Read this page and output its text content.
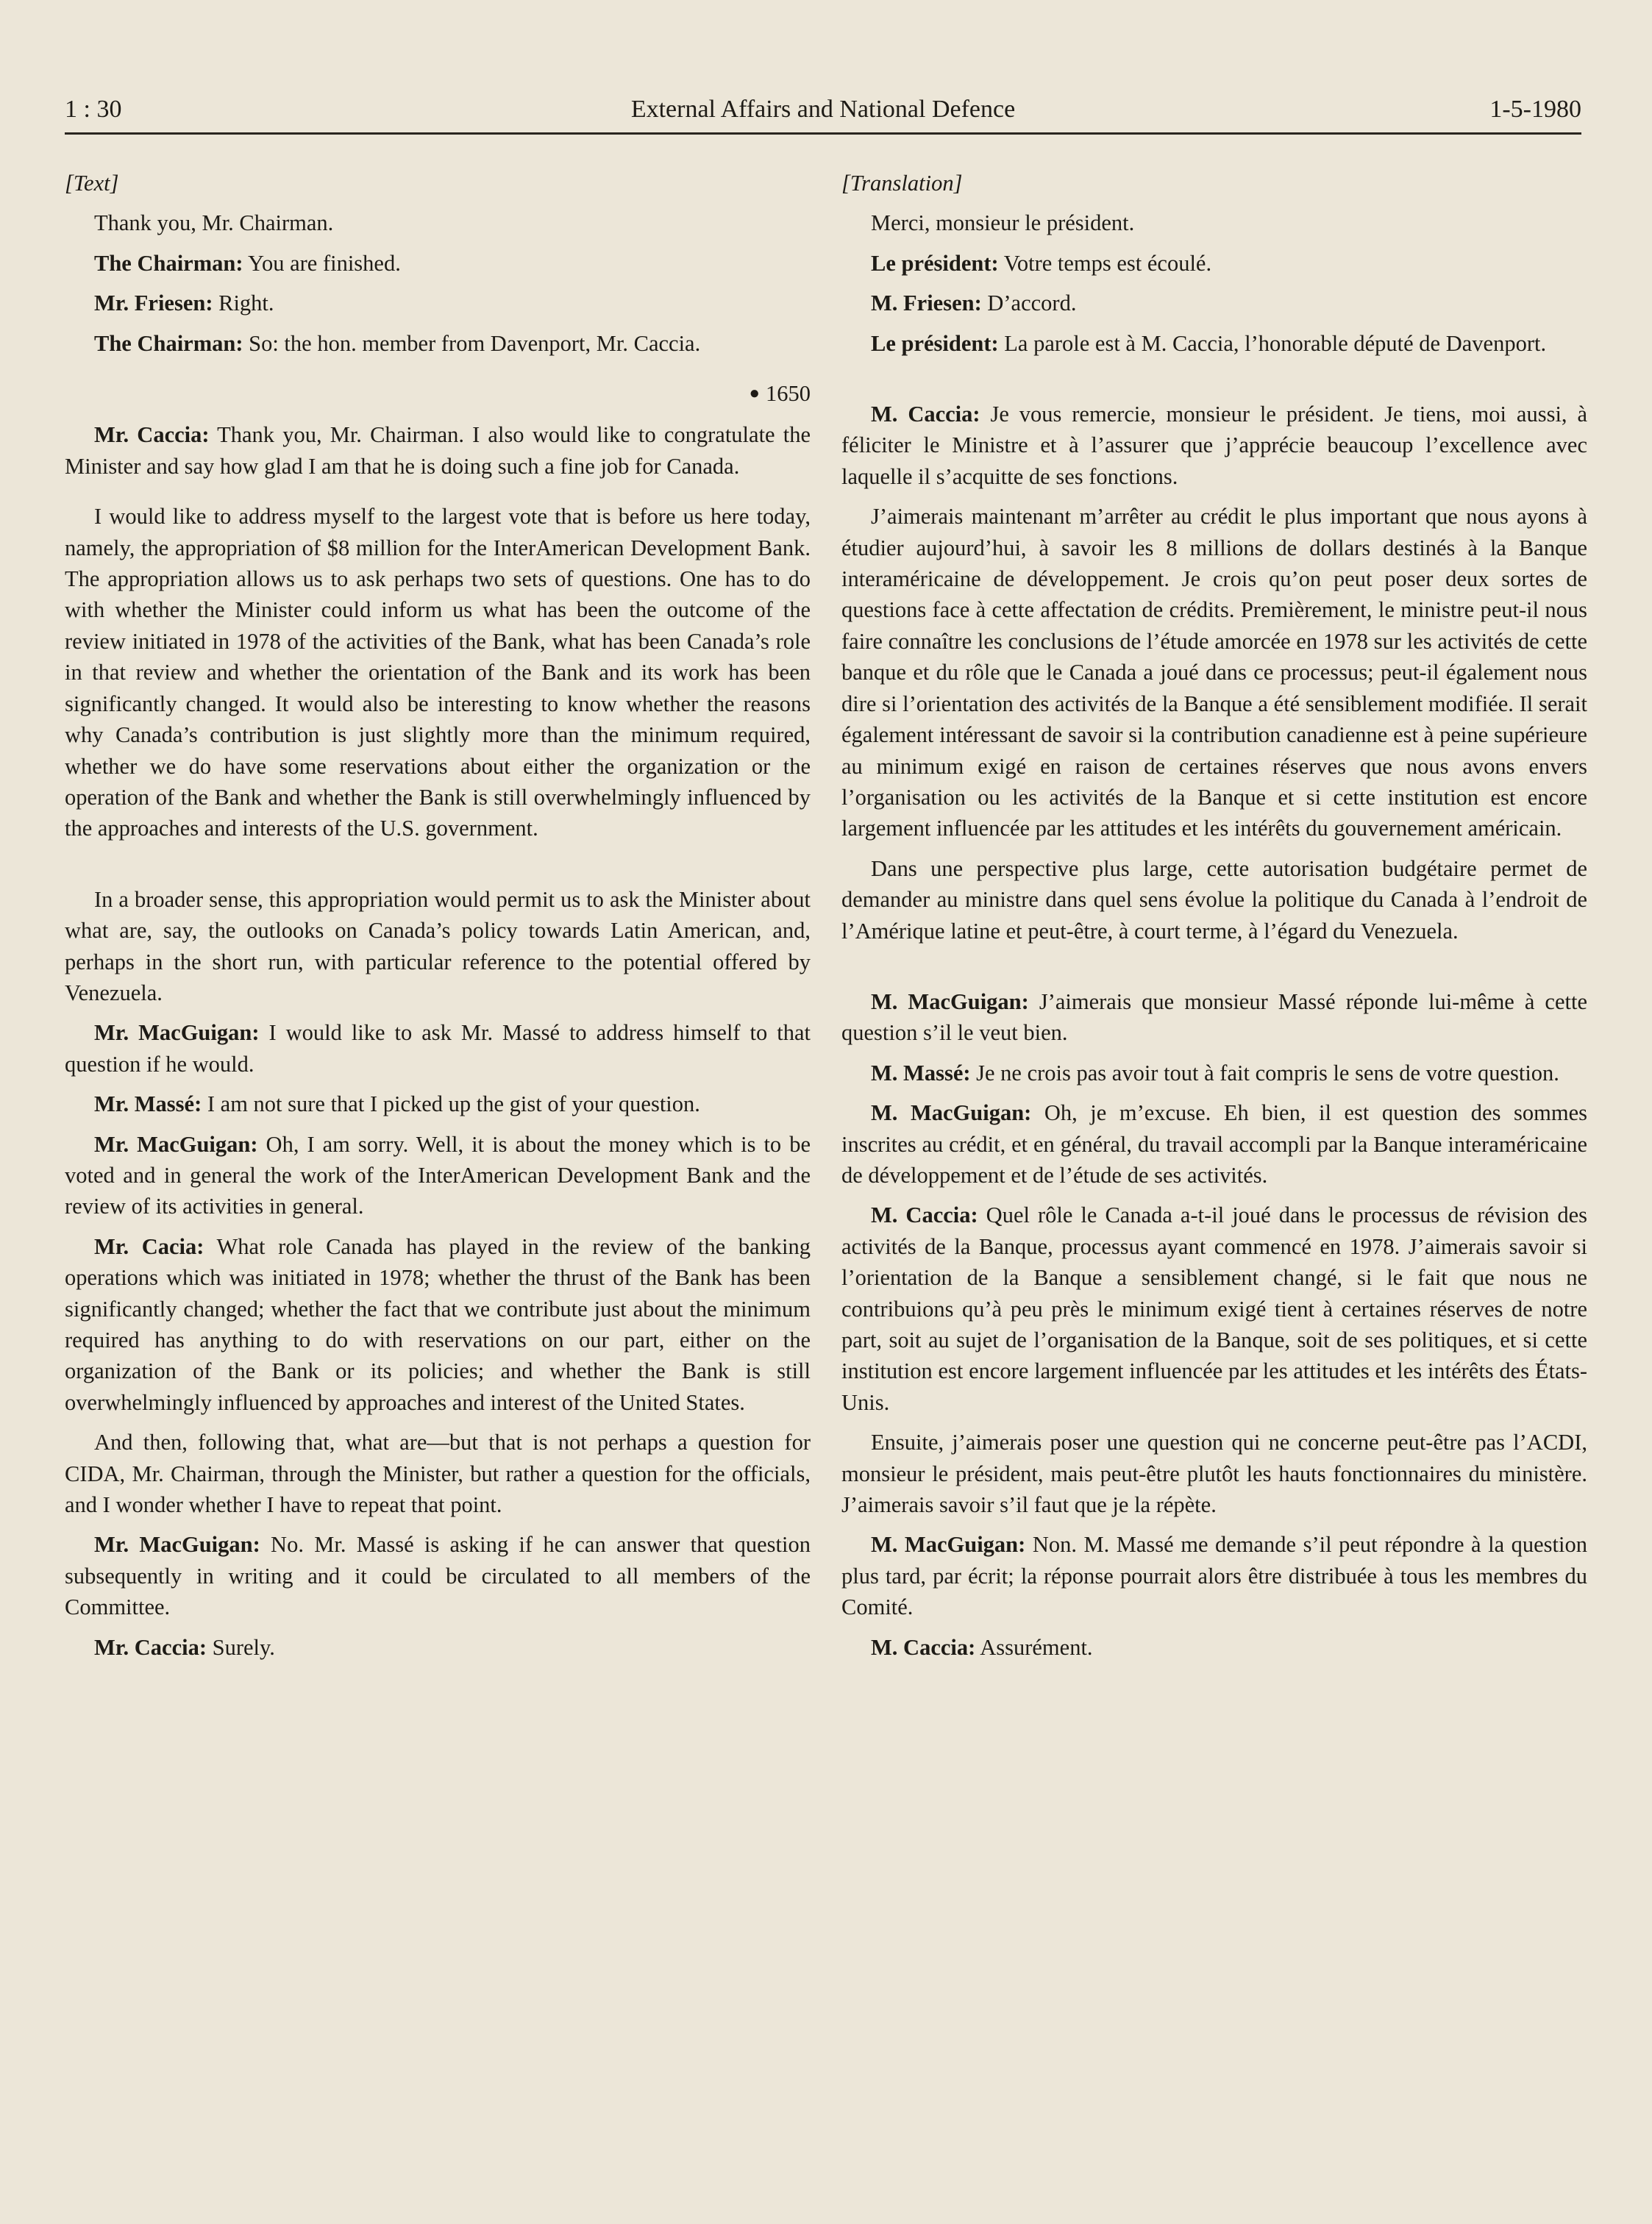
1 : 30	External Affairs and National Defence	1-5-1980

[Text]

Thank you, Mr. Chairman.

The Chairman: You are finished.

Mr. Friesen: Right.

The Chairman: So: the hon. member from Davenport, Mr. Caccia.

● 1650

Mr. Caccia: Thank you, Mr. Chairman. I also would like to congratulate the Minister and say how glad I am that he is doing such a fine job for Canada.

I would like to address myself to the largest vote that is before us here today, namely, the appropriation of $8 million for the InterAmerican Development Bank. The appropriation allows us to ask perhaps two sets of questions. One has to do with whether the Minister could inform us what has been the outcome of the review initiated in 1978 of the activities of the Bank, what has been Canada’s role in that review and whether the orientation of the Bank and its work has been significantly changed. It would also be interesting to know whether the reasons why Canada’s contribution is just slightly more than the minimum required, whether we do have some reservations about either the organization or the operation of the Bank and whether the Bank is still overwhelmingly influenced by the approaches and interests of the U.S. government.

In a broader sense, this appropriation would permit us to ask the Minister about what are, say, the outlooks on Canada’s policy towards Latin American, and, perhaps in the short run, with particular reference to the potential offered by Venezuela.

Mr. MacGuigan: I would like to ask Mr. Massé to address himself to that question if he would.

Mr. Massé: I am not sure that I picked up the gist of your question.

Mr. MacGuigan: Oh, I am sorry. Well, it is about the money which is to be voted and in general the work of the InterAmerican Development Bank and the review of its activities in general.

Mr. Cacia: What role Canada has played in the review of the banking operations which was initiated in 1978; whether the thrust of the Bank has been significantly changed; whether the fact that we contribute just about the minimum required has anything to do with reservations on our part, either on the organization of the Bank or its policies; and whether the Bank is still overwhelmingly influenced by approaches and interest of the United States.

And then, following that, what are—but that is not perhaps a question for CIDA, Mr. Chairman, through the Minister, but rather a question for the officials, and I wonder whether I have to repeat that point.

Mr. MacGuigan: No. Mr. Massé is asking if he can answer that question subsequently in writing and it could be circulated to all members of the Committee.

Mr. Caccia: Surely.

[Translation]

Merci, monsieur le président.

Le président: Votre temps est écoulé.

M. Friesen: D’accord.

Le président: La parole est à M. Caccia, l’honorable député de Davenport.

M. Caccia: Je vous remercie, monsieur le président. Je tiens, moi aussi, à féliciter le Ministre et à l’assurer que j’apprécie beaucoup l’excellence avec laquelle il s’acquitte de ses fonctions.

J’aimerais maintenant m’arrêter au crédit le plus important que nous ayons à étudier aujourd’hui, à savoir les 8 millions de dollars destinés à la Banque interaméricaine de développement. Je crois qu’on peut poser deux sortes de questions face à cette affectation de crédits. Premièrement, le ministre peut-il nous faire connaître les conclusions de l’étude amorcée en 1978 sur les activités de cette banque et du rôle que le Canada a joué dans ce processus; peut-il également nous dire si l’orientation des activités de la Banque a été sensiblement modifiée. Il serait également intéressant de savoir si la contribution canadienne est à peine supérieure au minimum exigé en raison de certaines réserves que nous avons envers l’organisation ou les activités de la Banque et si cette institution est encore largement influencée par les attitudes et les intérêts du gouvernement américain.

Dans une perspective plus large, cette autorisation budgétaire permet de demander au ministre dans quel sens évolue la politique du Canada à l’endroit de l’Amérique latine et peut-être, à court terme, à l’égard du Venezuela.

M. MacGuigan: J’aimerais que monsieur Massé réponde lui-même à cette question s’il le veut bien.

M. Massé: Je ne crois pas avoir tout à fait compris le sens de votre question.

M. MacGuigan: Oh, je m’excuse. Eh bien, il est question des sommes inscrites au crédit, et en général, du travail accompli par la Banque interaméricaine de développement et de l’étude de ses activités.

M. Caccia: Quel rôle le Canada a-t-il joué dans le processus de révision des activités de la Banque, processus ayant commencé en 1978. J’aimerais savoir si l’orientation de la Banque a sensiblement changé, si le fait que nous ne contribuions qu’à peu près le minimum exigé tient à certaines réserves de notre part, soit au sujet de l’organisation de la Banque, soit de ses politiques, et si cette institution est encore largement influencée par les attitudes et les intérêts des États-Unis.

Ensuite, j’aimerais poser une question qui ne concerne peut-être pas l’ACDI, monsieur le président, mais peut-être plutôt les hauts fonctionnaires du ministère. J’aimerais savoir s’il faut que je la répète.

M. MacGuigan: Non. M. Massé me demande s’il peut répondre à la question plus tard, par écrit; la réponse pourrait alors être distribuée à tous les membres du Comité.

M. Caccia: Assurément.
